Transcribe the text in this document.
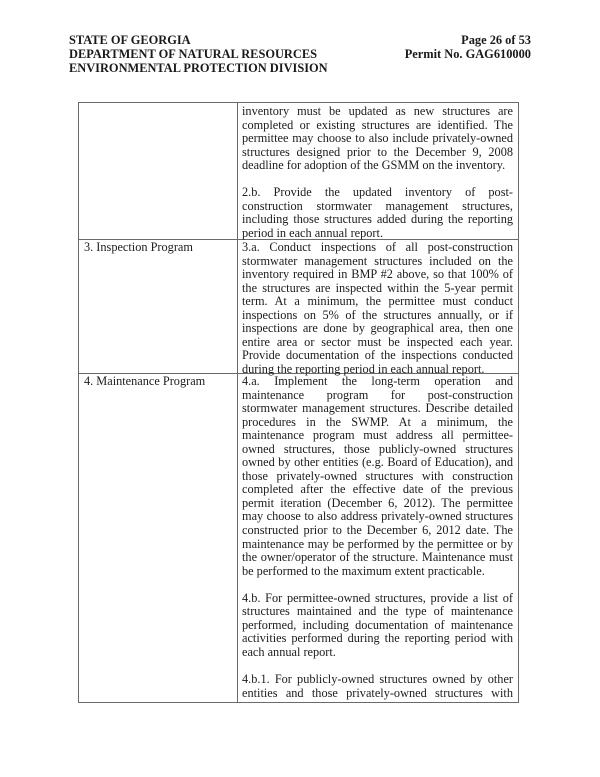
STATE OF GEORGIA
DEPARTMENT OF NATURAL RESOURCES
ENVIRONMENTAL PROTECTION DIVISION
Page 26 of 53
Permit No. GAG610000

inventory must be updated as new structures are completed or existing structures are identified. The permittee may choose to also include privately-owned structures designed prior to the December 9, 2008 deadline for adoption of the GSMM on the inventory.

2.b. Provide the updated inventory of post-construction stormwater management structures, including those structures added during the reporting period in each annual report.

3. Inspection Program	3.a. Conduct inspections of all post-construction stormwater management structures included on the inventory required in BMP #2 above, so that 100% of the structures are inspected within the 5-year permit term. At a minimum, the permittee must conduct inspections on 5% of the structures annually, or if inspections are done by geographical area, then one entire area or sector must be inspected each year. Provide documentation of the inspections conducted during the reporting period in each annual report.

4. Maintenance Program	4.a. Implement the long-term operation and maintenance program for post-construction stormwater management structures. Describe detailed procedures in the SWMP. At a minimum, the maintenance program must address all permittee-owned structures, those publicly-owned structures owned by other entities (e.g. Board of Education), and those privately-owned structures with construction completed after the effective date of the previous permit iteration (December 6, 2012). The permittee may choose to also address privately-owned structures constructed prior to the December 6, 2012 date. The maintenance may be performed by the permittee or by the owner/operator of the structure. Maintenance must be performed to the maximum extent practicable.

4.b. For permittee-owned structures, provide a list of structures maintained and the type of maintenance performed, including documentation of maintenance activities performed during the reporting period with each annual report.

4.b.1. For publicly-owned structures owned by other entities and those privately-owned structures with
